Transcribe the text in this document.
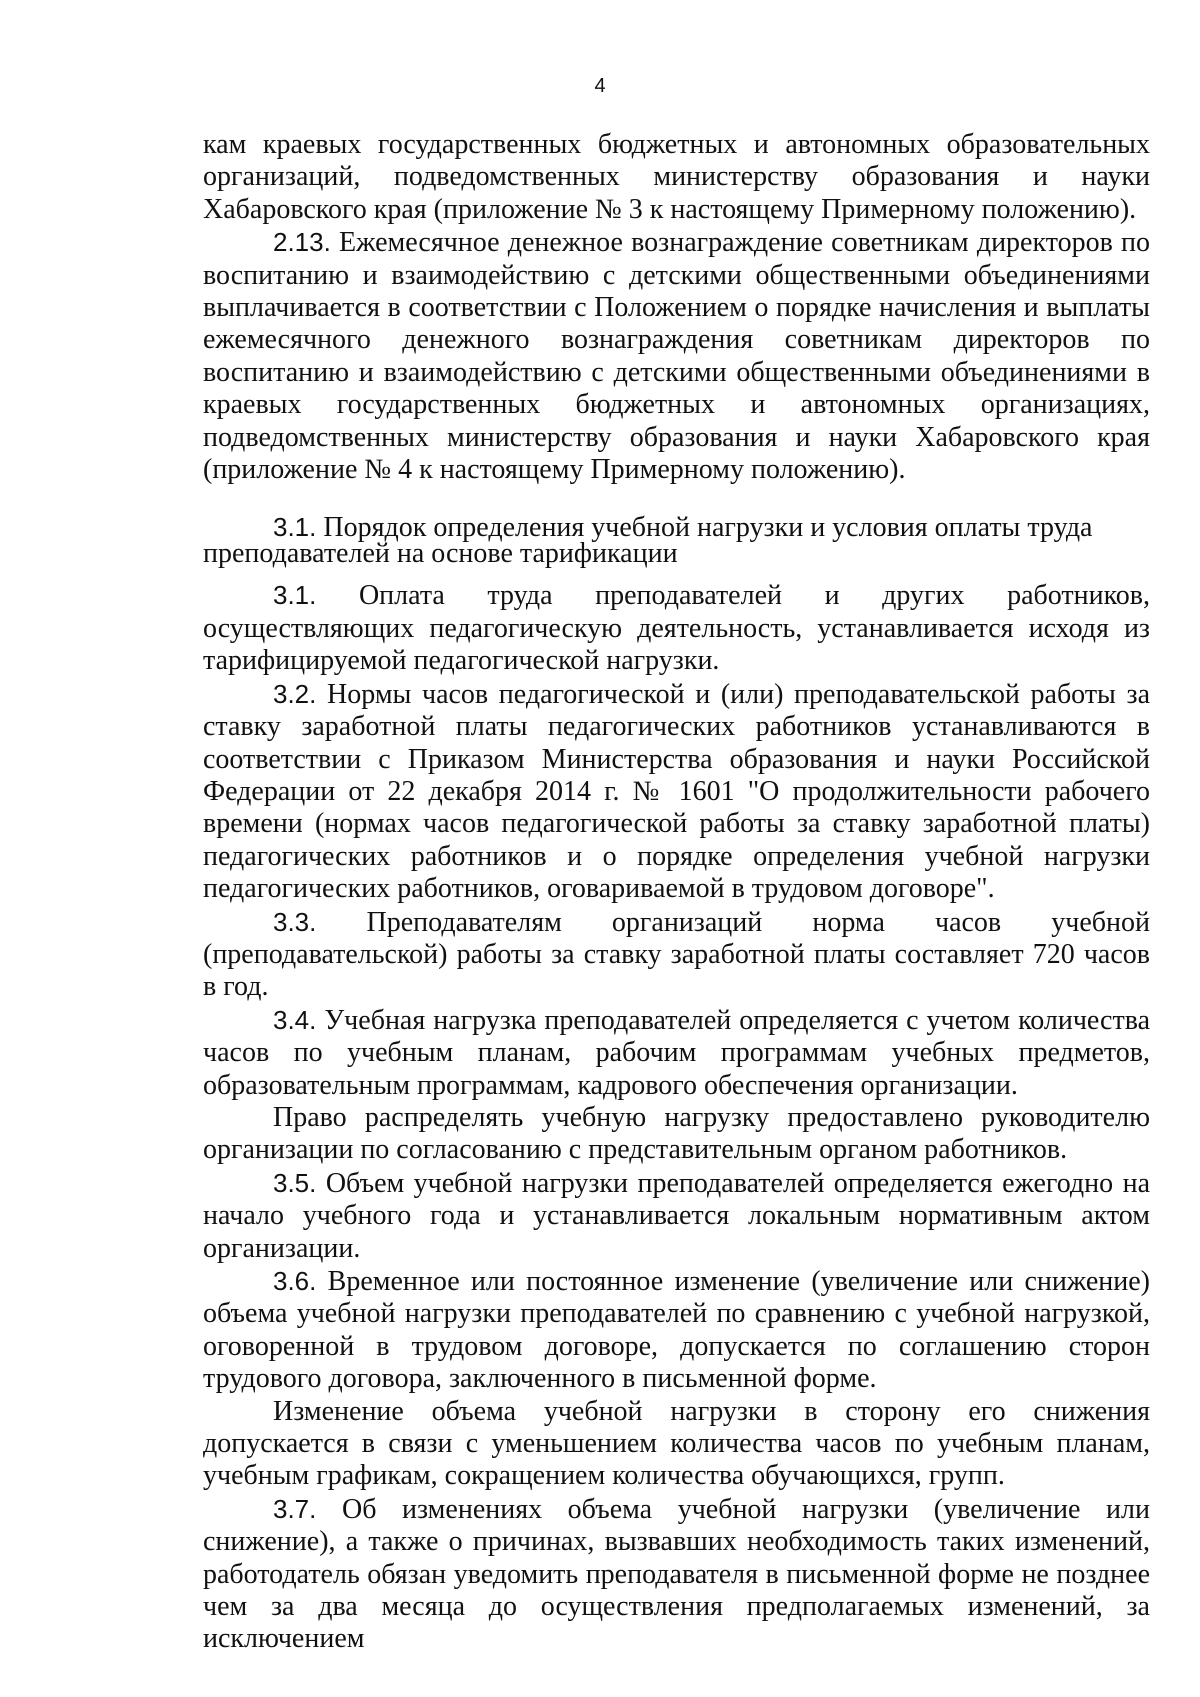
4

кам краевых государственных бюджетных и автономных образовательных организаций, подведомственных министерству образования и науки Хабаровского края (приложение № 3 к настоящему Примерному положению).

2.13. Ежемесячное денежное вознаграждение советникам директоров по воспитанию и взаимодействию с детскими общественными объединениями выплачивается в соответствии с Положением о порядке начисления и выплаты ежемесячного денежного вознаграждения советникам директоров по воспитанию и взаимодействию с детскими общественными объединениями в краевых государственных бюджетных и автономных организациях, подведомственных министерству образования и науки Хабаровского края (приложение № 4 к настоящему Примерному положению).

3.1. Порядок определения учебной нагрузки и условия оплаты труда преподавателей на основе тарификации

3.1. Оплата труда преподавателей и других работников, осуществляющих педагогическую деятельность, устанавливается исходя из тарифицируемой педагогической нагрузки.

3.2. Нормы часов педагогической и (или) преподавательской работы за ставку заработной платы педагогических работников устанавливаются в соответствии с Приказом Министерства образования и науки Российской Федерации от 22 декабря 2014 г. № 1601 "О продолжительности рабочего времени (нормах часов педагогической работы за ставку заработной платы) педагогических работников и о порядке определения учебной нагрузки педагогических работников, оговариваемой в трудовом договоре".

3.3. Преподавателям организаций норма часов учебной (преподавательской) работы за ставку заработной платы составляет 720 часов в год.

3.4. Учебная нагрузка преподавателей определяется с учетом количества часов по учебным планам, рабочим программам учебных предметов, образовательным программам, кадрового обеспечения организации.

Право распределять учебную нагрузку предоставлено руководителю организации по согласованию с представительным органом работников.

3.5. Объем учебной нагрузки преподавателей определяется ежегодно на начало учебного года и устанавливается локальным нормативным актом организации.

3.6. Временное или постоянное изменение (увеличение или снижение) объема учебной нагрузки преподавателей по сравнению с учебной нагрузкой, оговоренной в трудовом договоре, допускается по соглашению сторон трудового договора, заключенного в письменной форме.

Изменение объема учебной нагрузки в сторону его снижения допускается в связи с уменьшением количества часов по учебным планам, учебным графикам, сокращением количества обучающихся, групп.

3.7. Об изменениях объема учебной нагрузки (увеличение или снижение), а также о причинах, вызвавших необходимость таких изменений, работодатель обязан уведомить преподавателя в письменной форме не позднее чем за два месяца до осуществления предполагаемых изменений, за исключением
